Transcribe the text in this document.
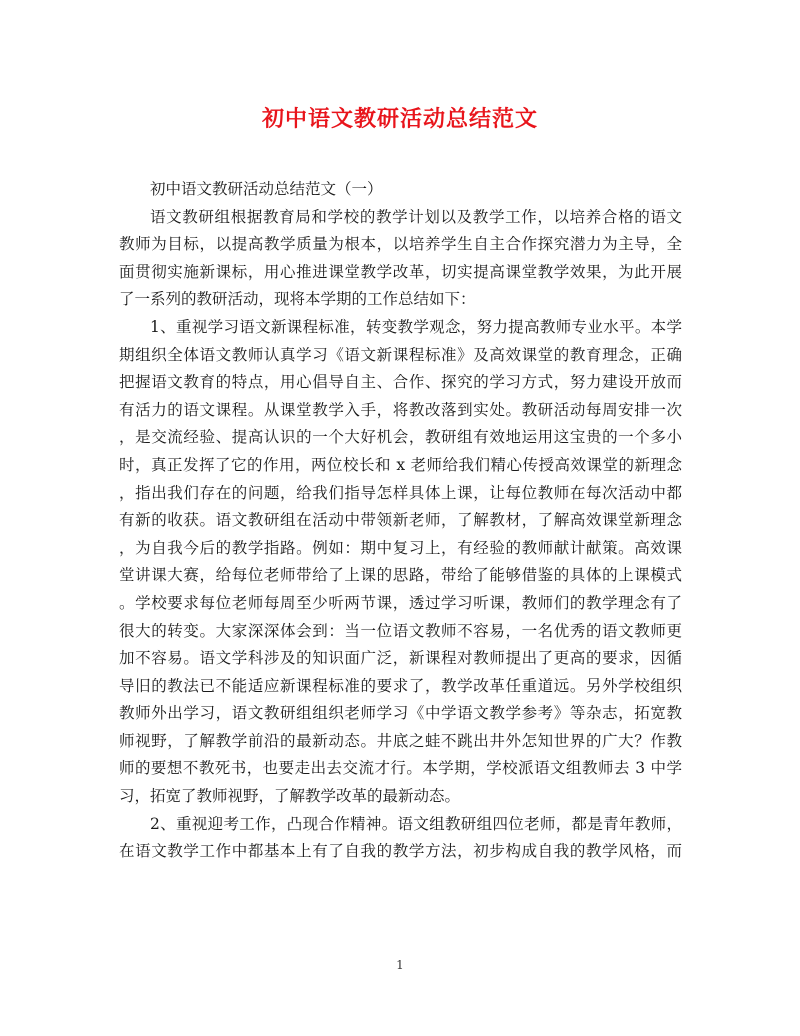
初中语文教研活动总结范文
初中语文教研活动总结范文（一）
语文教研组根据教育局和学校的教学计划以及教学工作，以培养合格的语文
教师为目标，以提高教学质量为根本，以培养学生自主合作探究潜力为主导，全
面贯彻实施新课标，用心推进课堂教学改革，切实提高课堂教学效果，为此开展
了一系列的教研活动，现将本学期的工作总结如下：
1、重视学习语文新课程标准，转变教学观念，努力提高教师专业水平。本学
期组织全体语文教师认真学习《语文新课程标准》及高效课堂的教育理念，正确
把握语文教育的特点，用心倡导自主、合作、探究的学习方式，努力建设开放而
有活力的语文课程。从课堂教学入手，将教改落到实处。教研活动每周安排一次
，是交流经验、提高认识的一个大好机会，教研组有效地运用这宝贵的一个多小
时，真正发挥了它的作用，两位校长和 x 老师给我们精心传授高效课堂的新理念
，指出我们存在的问题，给我们指导怎样具体上课，让每位教师在每次活动中都
有新的收获。语文教研组在活动中带领新老师，了解教材，了解高效课堂新理念
，为自我今后的教学指路。例如：期中复习上，有经验的教师献计献策。高效课
堂讲课大赛，给每位老师带给了上课的思路，带给了能够借鉴的具体的上课模式
。学校要求每位老师每周至少听两节课，透过学习听课，教师们的教学理念有了
很大的转变。大家深深体会到：当一位语文教师不容易，一名优秀的语文教师更
加不容易。语文学科涉及的知识面广泛，新课程对教师提出了更高的要求，因循
导旧的教法已不能适应新课程标准的要求了，教学改革任重道远。另外学校组织
教师外出学习，语文教研组组织老师学习《中学语文教学参考》等杂志，拓宽教
师视野，了解教学前沿的最新动态。井底之蛙不跳出井外怎知世界的广大？作教
师的要想不教死书，也要走出去交流才行。本学期，学校派语文组教师去 3 中学
习，拓宽了教师视野，了解教学改革的最新动态。
2、重视迎考工作，凸现合作精神。语文组教研组四位老师，都是青年教师，
在语文教学工作中都基本上有了自我的教学方法，初步构成自我的教学风格，而
1
